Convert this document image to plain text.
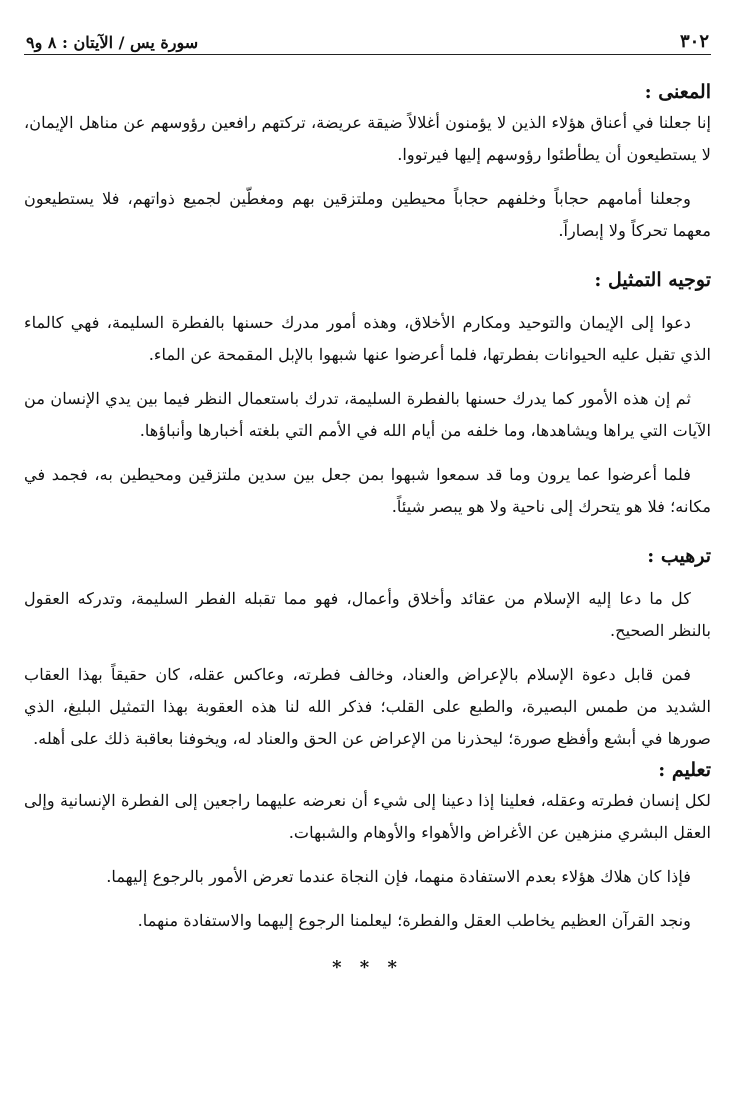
٣٠٢
سورة يس / الآيتان : ٨ و٩

المعنى :

إنا جعلنا في أعناق هؤلاء الذين لا يؤمنون أغلالاً ضيقة عريضة، تركتهم رافعين رؤوسهم عن مناهل الإيمان، لا يستطيعون أن يطأطئوا رؤوسهم إليها فيرتووا.

وجعلنا أمامهم حجاباً وخلفهم حجاباً محيطين وملتزقين بهم ومغطّين لجميع ذواتهم، فلا يستطيعون معهما تحركاً ولا إبصاراً.

توجيه التمثيل :

دعوا إلى الإيمان والتوحيد ومكارم الأخلاق، وهذه أمور مدرك حسنها بالفطرة السليمة، فهي كالماء الذي تقبل عليه الحيوانات بفطرتها، فلما أعرضوا عنها شبهوا بالإبل المقمحة عن الماء.

ثم إن هذه الأمور كما يدرك حسنها بالفطرة السليمة، تدرك باستعمال النظر فيما بين يدي الإنسان من الآيات التي يراها ويشاهدها، وما خلفه من أيام الله في الأمم التي بلغته أخبارها وأنباؤها.

فلما أعرضوا عما يرون وما قد سمعوا شبهوا بمن جعل بين سدين ملتزقين ومحيطين به، فجمد في مكانه؛ فلا هو يتحرك إلى ناحية ولا هو يبصر شيئاً.

ترهيب :

كل ما دعا إليه الإسلام من عقائد وأخلاق وأعمال، فهو مما تقبله الفطر السليمة، وتدركه العقول بالنظر الصحيح.

فمن قابل دعوة الإسلام بالإعراض والعناد، وخالف فطرته، وعاكس عقله، كان حقيقاً بهذا العقاب الشديد من طمس البصيرة، والطبع على القلب؛ فذكر الله لنا هذه العقوبة بهذا التمثيل البليغ، الذي صورها في أبشع وأفظع صورة؛ ليحذرنا من الإعراض عن الحق والعناد له، ويخوفنا بعاقبة ذلك على أهله.

تعليم :

لكل إنسان فطرته وعقله، فعلينا إذا دعينا إلى شيء أن نعرضه عليهما راجعين إلى الفطرة الإنسانية وإلى العقل البشري منزهين عن الأغراض والأهواء والأوهام والشبهات.

فإذا كان هلاك هؤلاء بعدم الاستفادة منهما، فإن النجاة عندما تعرض الأمور بالرجوع إليهما.

ونجد القرآن العظيم يخاطب العقل والفطرة؛ ليعلمنا الرجوع إليهما والاستفادة منهما.

* * *
